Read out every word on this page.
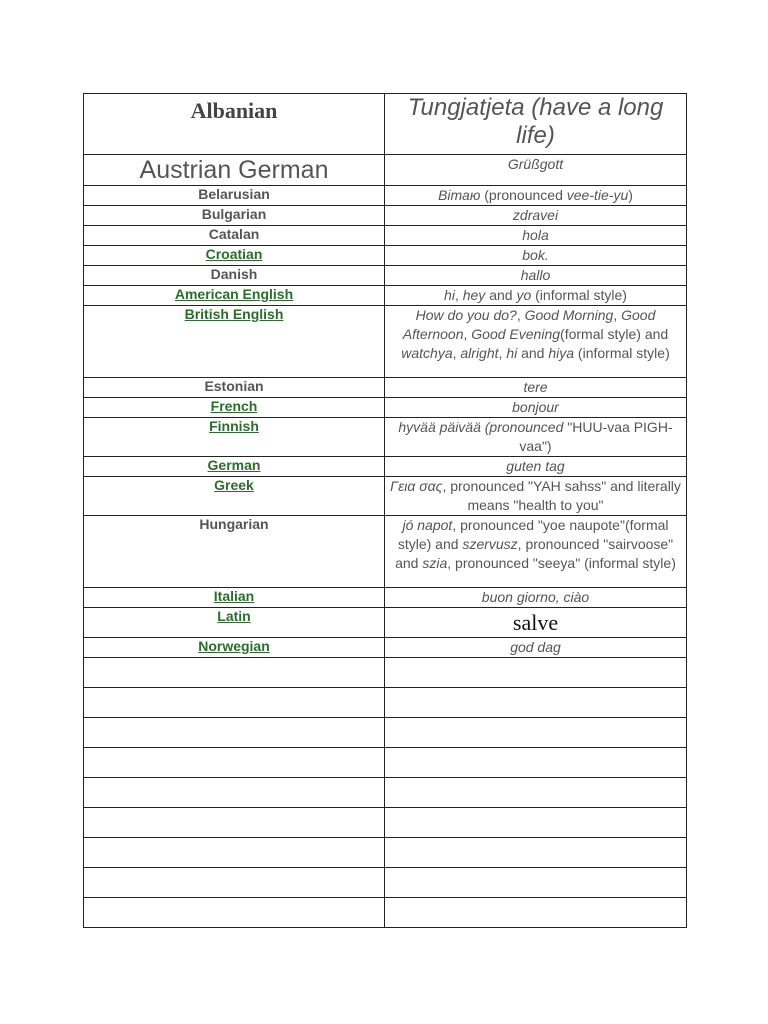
Albanian	Tungjatjeta (have a long life)

Austrian German	Grüßgott
Belarusian	Вітаю (pronounced vee-tie-yu)
Bulgarian	zdravei
Catalan	hola
Croatian	bok.
Danish	hallo
American English	hi, hey and yo (informal style)
British English	How do you do?, Good Morning, Good Afternoon, Good Evening(formal style) and watchya, alright, hi and hiya (informal style)
Estonian	tere
French	bonjour
Finnish	hyvää päivää (pronounced "HUU-vaa PIGH-vaa")
German	guten tag
Greek	Γεια σας, pronounced "YAH sahss" and literally means "health to you"
Hungarian	jó napot, pronounced "yoe naupote"(formal style) and szervusz, pronounced "sairvoose" and szia, pronounced "seeya" (informal style)
Italian	buon giorno, ciào
Latin	salve

Norwegian	god dag
